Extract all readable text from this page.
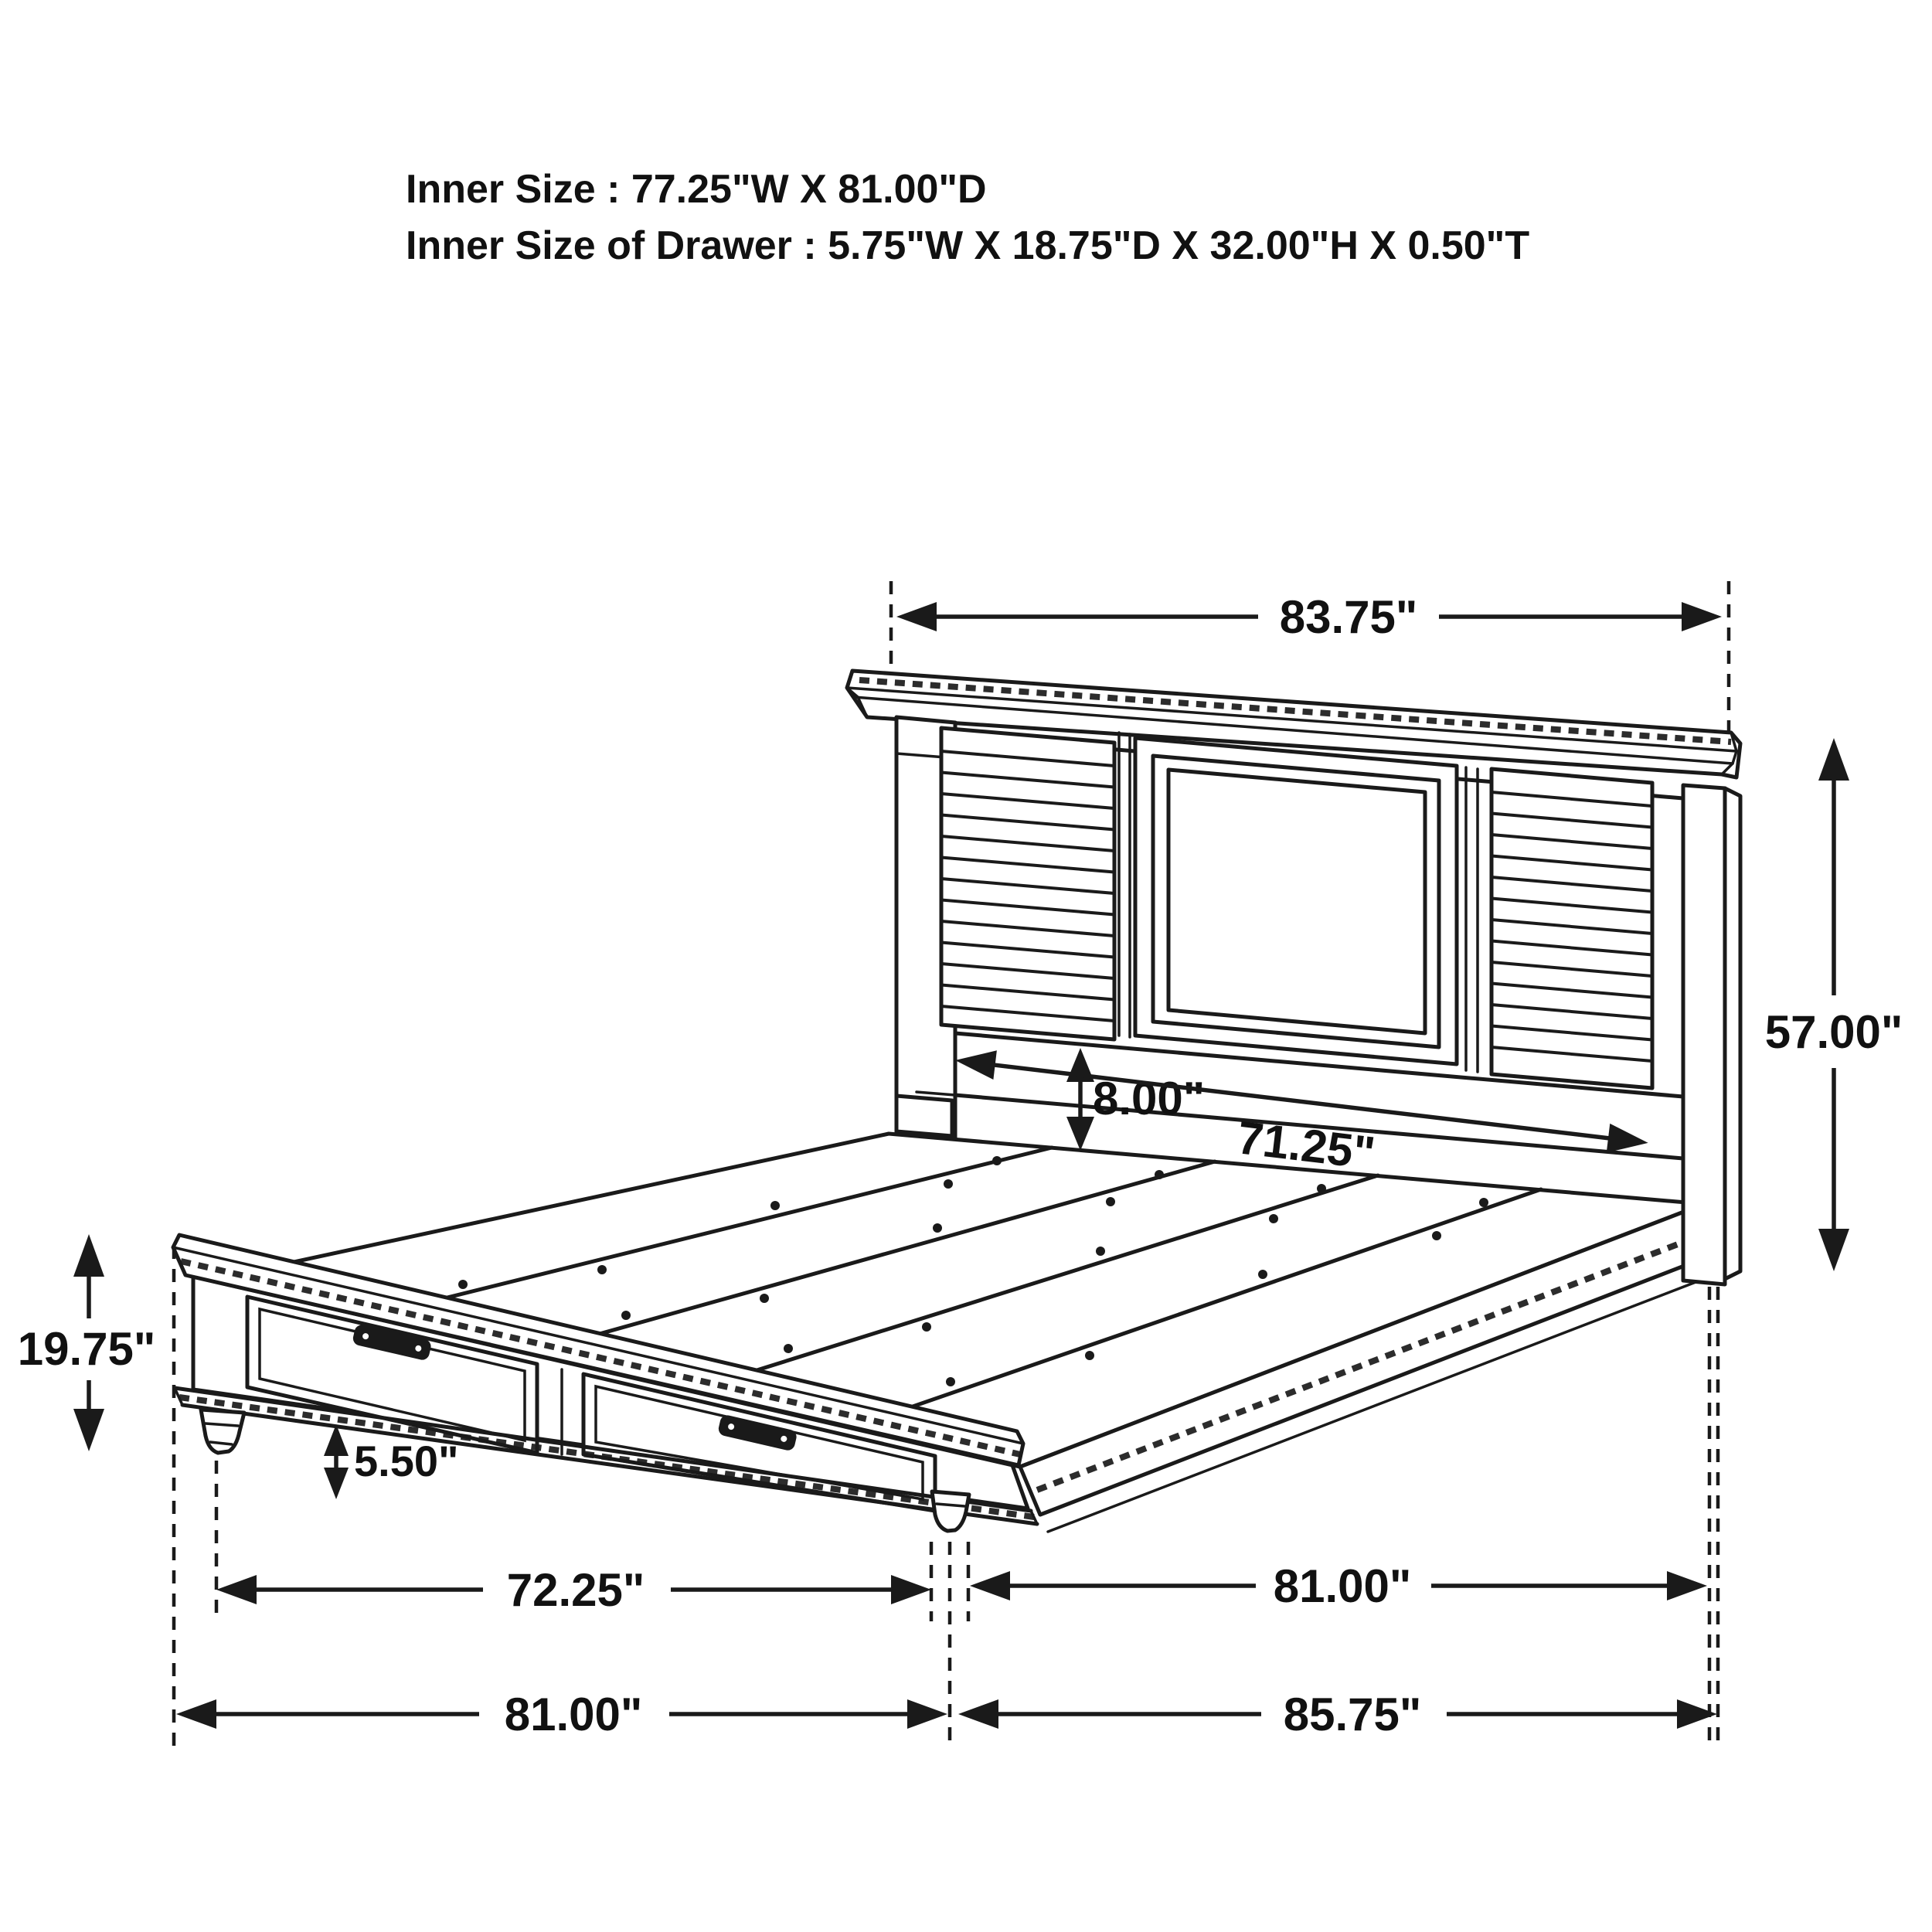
Inner Size : 77.25"W X 81.00"D
Inner Size of Drawer : 5.75"W X 18.75"D X 32.00"H X 0.50"T
83.75"
57.00"
8.00"
71.25"
19.75"
5.50"
72.25"	81.00"
81.00"	85.75"
